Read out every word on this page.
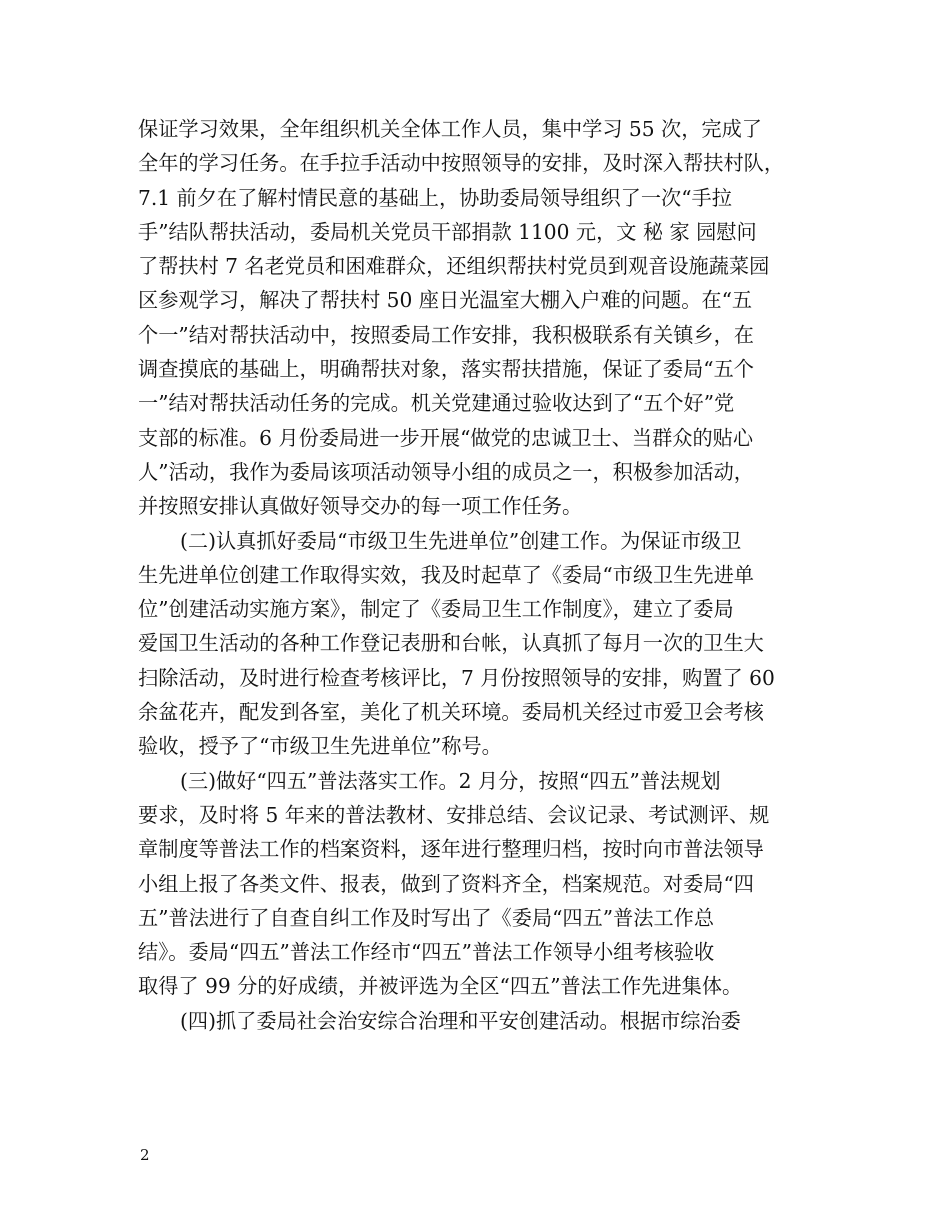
保证学习效果，全年组织机关全体工作人员，集中学习 55 次，完成了
全年的学习任务。在手拉手活动中按照领导的安排，及时深入帮扶村队，
7.1 前夕在了解村情民意的基础上，协助委局领导组织了一次“手拉
手”结队帮扶活动，委局机关党员干部捐款 1100 元，文 秘 家 园慰问
了帮扶村 7 名老党员和困难群众，还组织帮扶村党员到观音设施蔬菜园
区参观学习，解决了帮扶村 50 座日光温室大棚入户难的问题。在“五
个一”结对帮扶活动中，按照委局工作安排，我积极联系有关镇乡，在
调查摸底的基础上，明确帮扶对象，落实帮扶措施，保证了委局“五个
一”结对帮扶活动任务的完成。机关党建通过验收达到了“五个好”党
支部的标准。6 月份委局进一步开展“做党的忠诚卫士、当群众的贴心
人”活动，我作为委局该项活动领导小组的成员之一，积极参加活动，
并按照安排认真做好领导交办的每一项工作任务。
(二)认真抓好委局“市级卫生先进单位”创建工作。为保证市级卫
生先进单位创建工作取得实效，我及时起草了《委局“市级卫生先进单
位”创建活动实施方案》，制定了《委局卫生工作制度》，建立了委局
爱国卫生活动的各种工作登记表册和台帐，认真抓了每月一次的卫生大
扫除活动，及时进行检查考核评比，7 月份按照领导的安排，购置了 60
余盆花卉，配发到各室，美化了机关环境。委局机关经过市爱卫会考核
验收，授予了“市级卫生先进单位”称号。
(三)做好“四五”普法落实工作。2 月分，按照“四五”普法规划
要求，及时将 5 年来的普法教材、安排总结、会议记录、考试测评、规
章制度等普法工作的档案资料，逐年进行整理归档，按时向市普法领导
小组上报了各类文件、报表，做到了资料齐全，档案规范。对委局“四
五”普法进行了自查自纠工作及时写出了《委局“四五”普法工作总
结》。委局“四五”普法工作经市“四五”普法工作领导小组考核验收
取得了 99 分的好成绩，并被评选为全区“四五”普法工作先进集体。
(四)抓了委局社会治安综合治理和平安创建活动。根据市综治委
2
